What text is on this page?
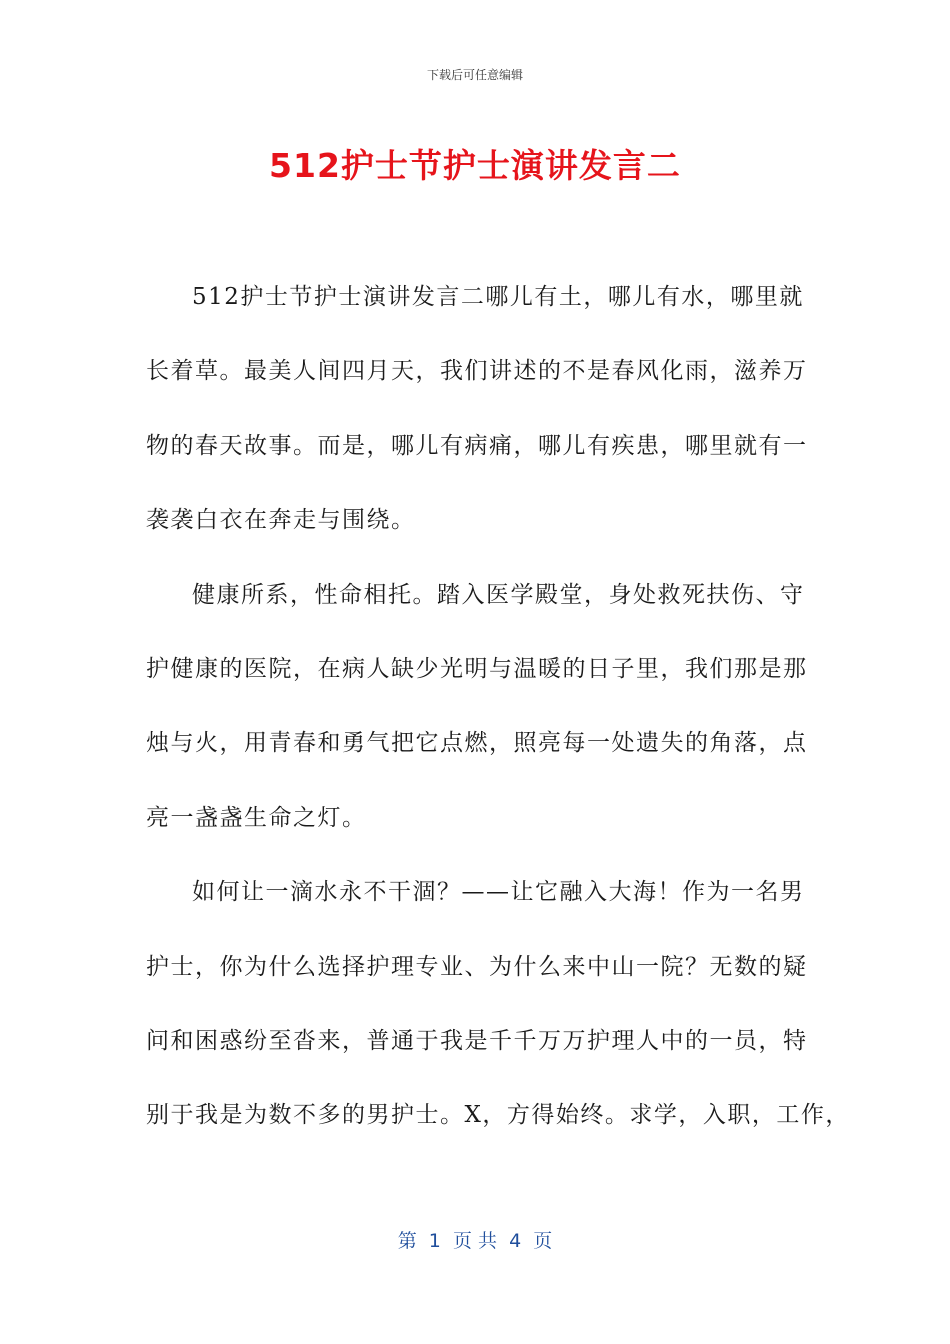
下载后可任意编辑
512护士节护士演讲发言二
512护士节护士演讲发言二哪儿有土，哪儿有水，哪里就
长着草。最美人间四月天，我们讲述的不是春风化雨，滋养万
物的春天故事。而是，哪儿有病痛，哪儿有疾患，哪里就有一
袭袭白衣在奔走与围绕。
健康所系，性命相托。踏入医学殿堂，身处救死扶伤、守
护健康的医院，在病人缺少光明与温暖的日子里，我们那是那
烛与火，用青春和勇气把它点燃，照亮每一处遗失的角落，点
亮一盏盏生命之灯。
如何让一滴水永不干涸？——让它融入大海！作为一名男
护士，你为什么选择护理专业、为什么来中山一院？无数的疑
问和困惑纷至沓来，普通于我是千千万万护理人中的一员，特
别于我是为数不多的男护士。X，方得始终。求学，入职，工作，
第  1  页 共  4  页
